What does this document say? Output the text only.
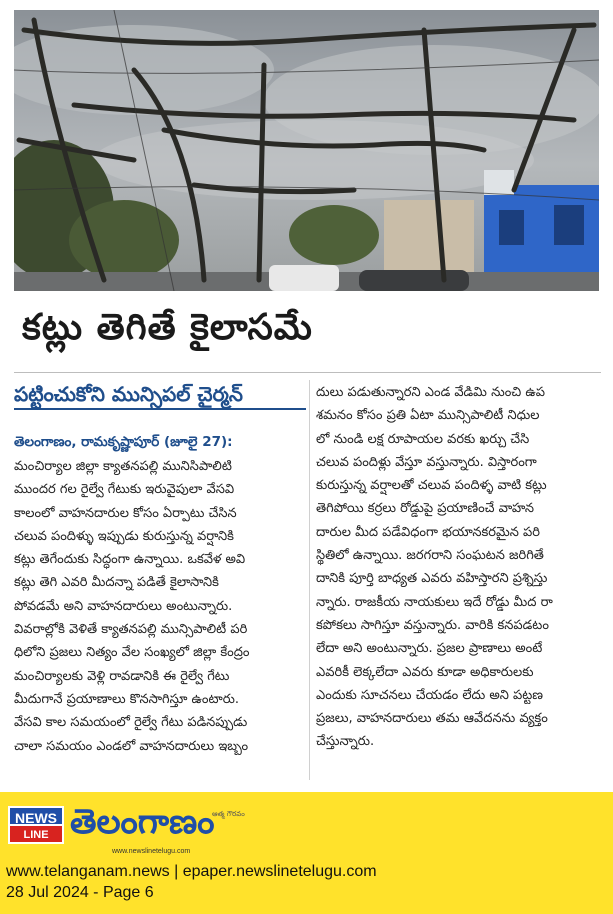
కట్లు తెగితే కైలాసమే
పట్టించుకోని మున్సిపల్ చైర్మన్
తెలంగాణం, రామకృష్ణాపూర్ (జూలై 27):
మంచిర్యాల జిల్లా క్యాతనపల్లి మునిసిపాలిటి
ముందర గల రైల్వే గేటుకు ఇరువైపులా వేసవి
కాలంలో వాహనదారుల కోసం ఏర్పాటు చేసిన
చలువ పందిళ్ళు ఇప్పుడు కురుస్తున్న వర్షానికి
కట్లు తెగేందుకు సిద్ధంగా ఉన్నాయి. ఒకవేళ అవి
కట్లు తెగి ఎవరి మీదన్నా పడితే కైలాసానికి
పోవడమే అని వాహనదారులు అంటున్నారు.
వివరాల్లోకి వెళితే క్యాతనపల్లి మున్సిపాలిటీ పరి
ధిలోని ప్రజలు నిత్యం వేల సంఖ్యలో జిల్లా కేంద్రం
మంచిర్యాలకు వెళ్లి రావడానికి ఈ రైల్వే గేటు
మీదుగానే ప్రయాణాలు కొనసాగిస్తూ ఉంటారు.
వేసవి కాల సమయంలో రైల్వే గేటు పడినప్పుడు
చాలా సమయం ఎండలో వాహనదారులు ఇబ్బం
దులు పడుతున్నారని ఎండ వేడిమి నుంచి ఉప
శమనం కోసం ప్రతి ఏటా మున్సిపాలిటీ నిధుల
లో నుండి లక్ష రూపాయల వరకు ఖర్చు చేసి
చలువ పందిళ్లు వేస్తూ వస్తున్నారు. విస్తారంగా
కురుస్తున్న వర్షాలతో చలువ పందిళ్ళ వాటి కట్లు
తెగిపోయి కర్రలు రోడ్డుపై ప్రయాణించే వాహన
దారుల మీద పడేవిధంగా భయానకరమైన పరి
స్థితిలో ఉన్నాయి. జరగరాని సంఘటన జరిగితే
దానికి పూర్తి బాధ్యత ఎవరు వహిస్తారని ప్రశ్నిస్తు
న్నారు. రాజకీయ నాయకులు ఇదే రోడ్డు మీద రా
కపోకలు సాగిస్తూ వస్తున్నారు. వారికి కనపడటం
లేదా అని అంటున్నారు. ప్రజల ప్రాణాలు అంటే
ఎవరికీ లెక్కలేదా ఎవరు కూడా అధికారులకు
ఎందుకు సూచనలు చేయడం లేదు అని పట్టణ
ప్రజలు, వాహనదారులు తమ ఆవేదనను వ్యక్తం
చేస్తున్నారు.
NEWS
LINE తెలంగాణం
ఆత్మ గౌరవం
www.newslinetelugu.com
www.telanganam.news | epaper.newslinetelugu.com
28 Jul 2024 - Page 6
